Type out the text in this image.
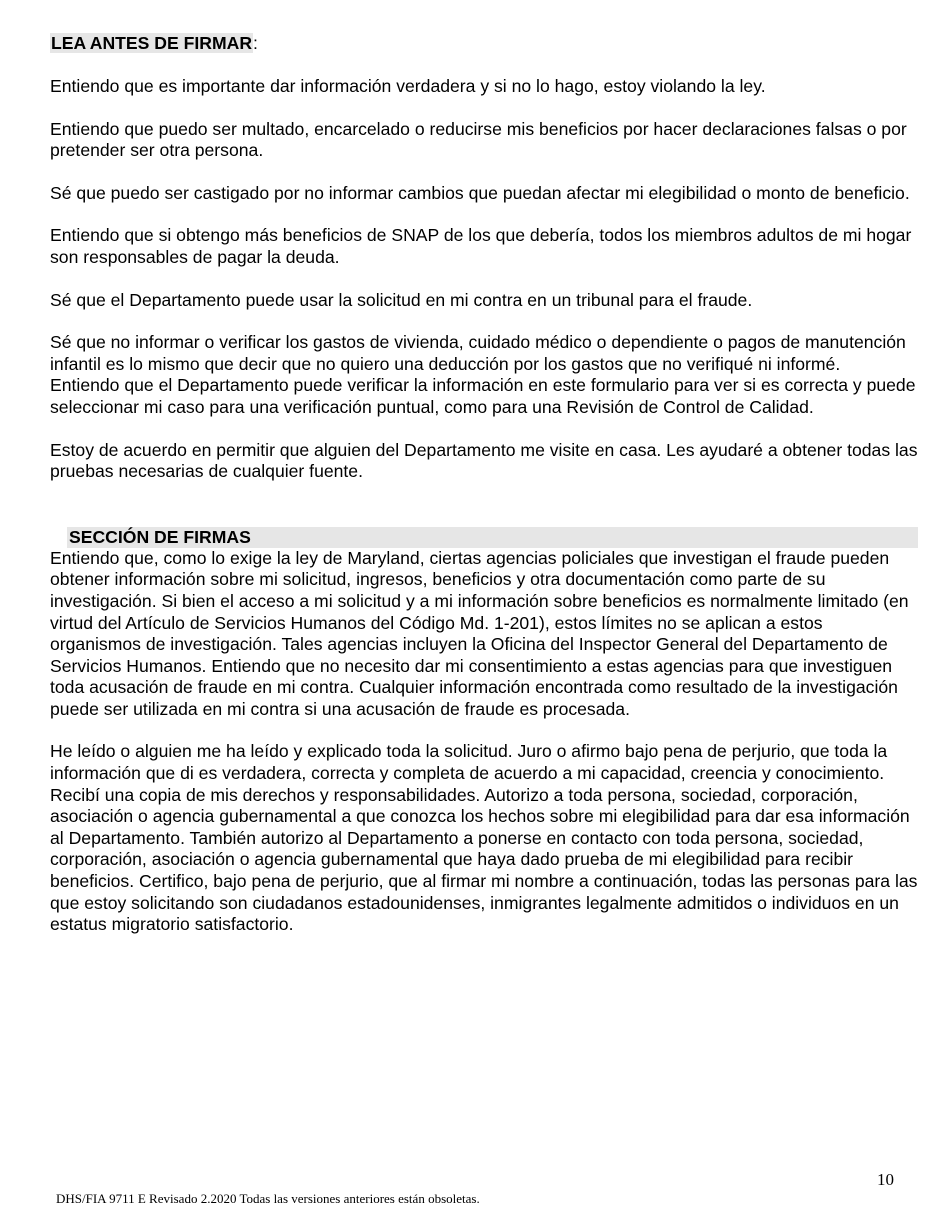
LEA ANTES DE FIRMAR:
Entiendo que es importante dar información verdadera y si no lo hago, estoy violando la ley.
Entiendo que puedo ser multado, encarcelado o reducirse mis beneficios por hacer declaraciones falsas o por pretender ser otra persona.
Sé que puedo ser castigado por no informar cambios que puedan afectar mi elegibilidad o monto de beneficio.
Entiendo que si obtengo más beneficios de SNAP de los que debería, todos los miembros adultos de mi hogar son responsables de pagar la deuda.
Sé que el Departamento puede usar la solicitud en mi contra en un tribunal para el fraude.
Sé que no informar o verificar los gastos de vivienda, cuidado médico o dependiente o pagos de manutención infantil es lo mismo que decir que no quiero una deducción por los gastos que no verifiqué ni informé.
Entiendo que el Departamento puede verificar la información en este formulario para ver si es correcta y puede seleccionar mi caso para una verificación puntual, como para una Revisión de Control de Calidad.
Estoy de acuerdo en permitir que alguien del Departamento me visite en casa. Les ayudaré a obtener todas las pruebas necesarias de cualquier fuente.
SECCIÓN DE FIRMAS
Entiendo que, como lo exige la ley de Maryland, ciertas agencias policiales que investigan el fraude pueden obtener información sobre mi solicitud, ingresos, beneficios y otra documentación como parte de su investigación. Si bien el acceso a mi solicitud y a mi información sobre beneficios es normalmente limitado (en virtud del Artículo de Servicios Humanos del Código Md. 1-201), estos límites no se aplican a estos organismos de investigación. Tales agencias incluyen la Oficina del Inspector General del Departamento de Servicios Humanos. Entiendo que no necesito dar mi consentimiento a estas agencias para que investiguen toda acusación de fraude en mi contra. Cualquier información encontrada como resultado de la investigación puede ser utilizada en mi contra si una acusación de fraude es procesada.
He leído o alguien me ha leído y explicado toda la solicitud. Juro o afirmo bajo pena de perjurio, que toda la información que di es verdadera, correcta y completa de acuerdo a mi capacidad, creencia y conocimiento. Recibí una copia de mis derechos y responsabilidades. Autorizo a toda persona, sociedad, corporación, asociación o agencia gubernamental a que conozca los hechos sobre mi elegibilidad para dar esa información al Departamento. También autorizo al Departamento a ponerse en contacto con toda persona, sociedad, corporación, asociación o agencia gubernamental que haya dado prueba de mi elegibilidad para recibir beneficios. Certifico, bajo pena de perjurio, que al firmar mi nombre a continuación, todas las personas para las que estoy solicitando son ciudadanos estadounidenses, inmigrantes legalmente admitidos o individuos en un estatus migratorio satisfactorio.
10
DHS/FIA 9711 E Revisado 2.2020 Todas las versiones anteriores están obsoletas.
